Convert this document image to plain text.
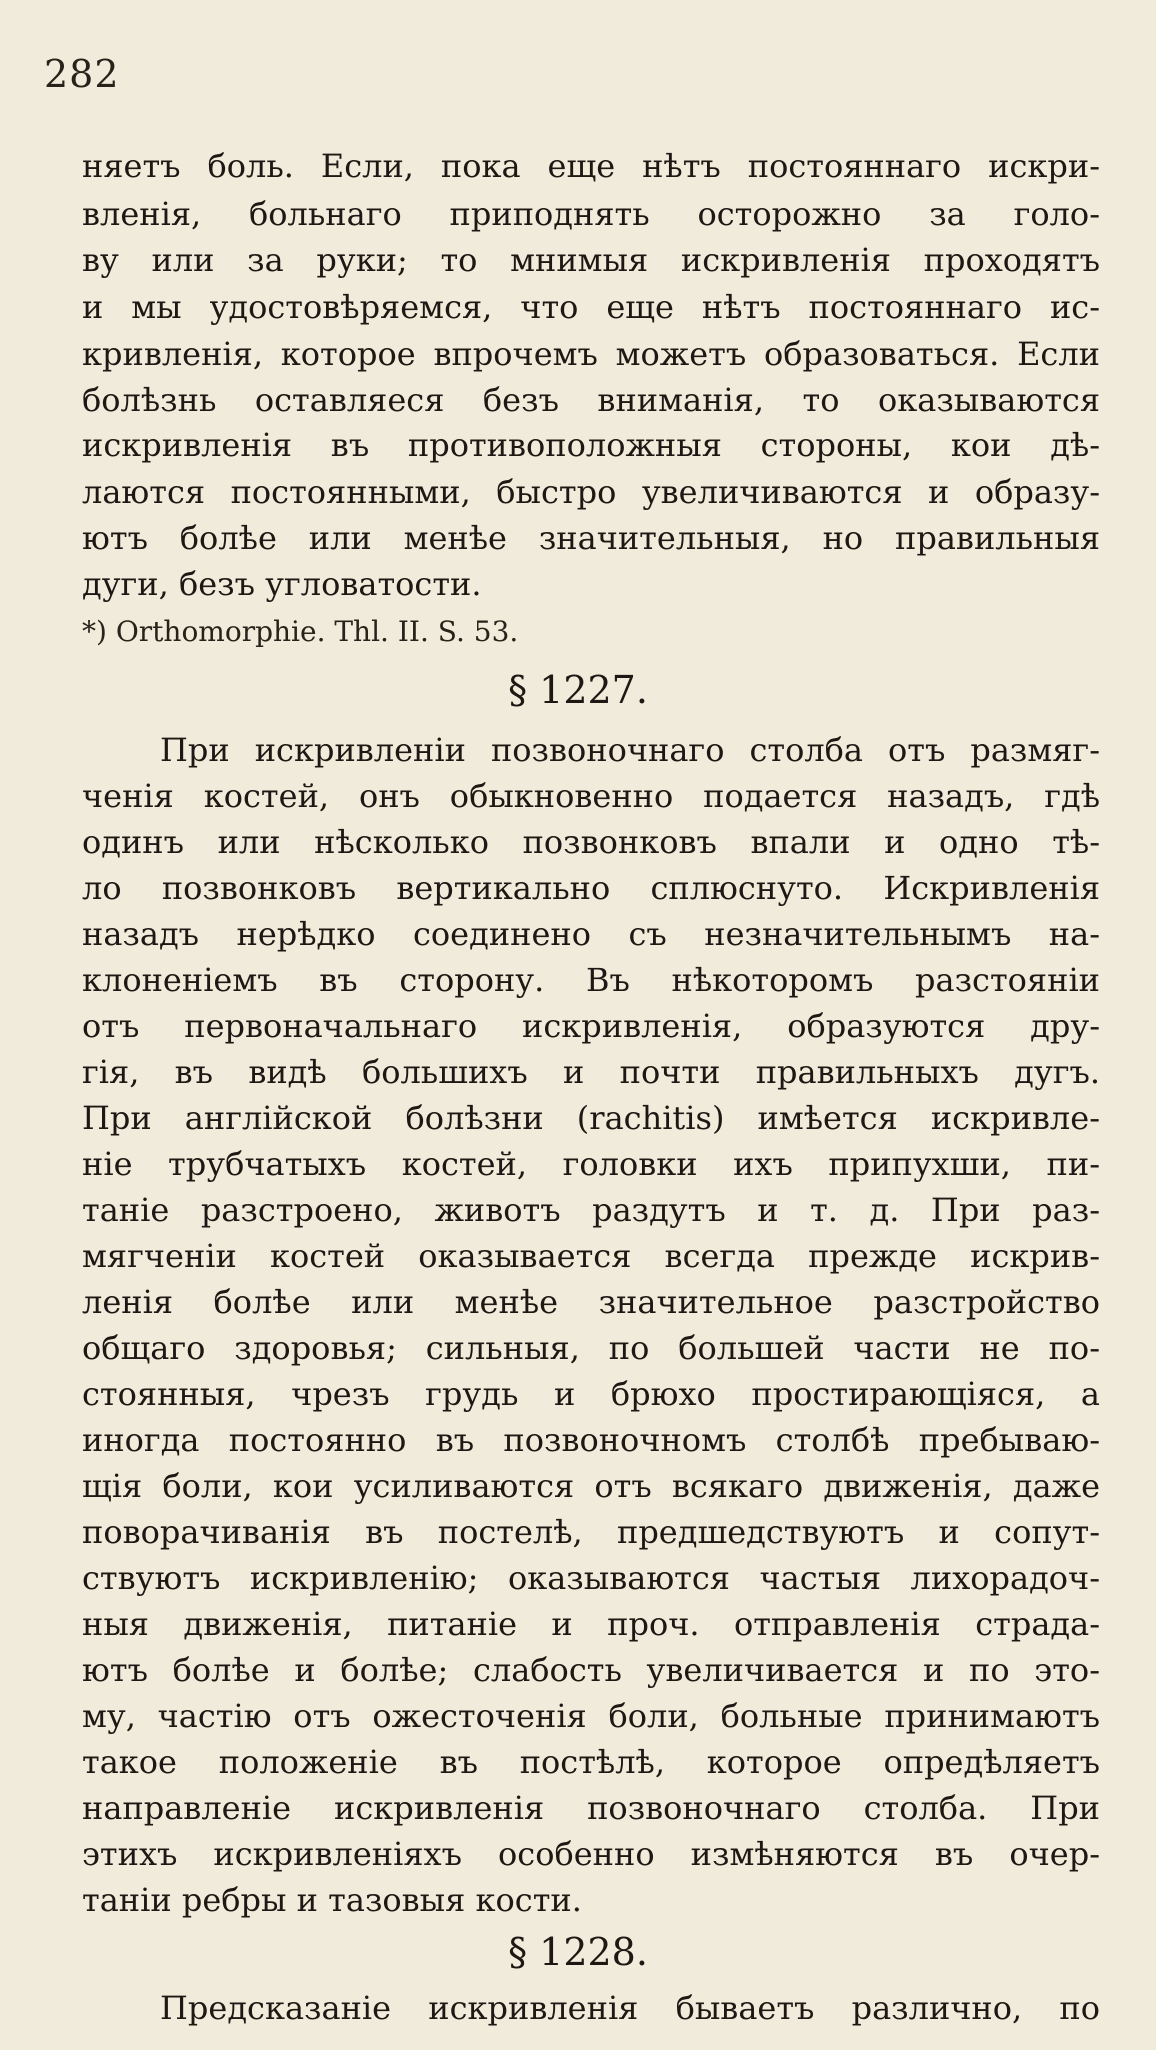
282
няетъ боль. Если, пока еще нѣтъ постояннаго искри-
вленія, больнаго приподнять осторожно за голо-
ву или за руки; то мнимыя искривленія проходятъ
и мы удостовѣряемся, что еще нѣтъ постояннаго ис-
кривленія, которое впрочемъ можетъ образоваться. Если
болѣзнь оставляеся безъ вниманія, то оказываются
искривленія въ противоположныя стороны, кои дѣ-
лаются постоянными, быстро увеличиваются и образу-
ютъ болѣе или менѣе значительныя, но правильныя
дуги, безъ угловатости.
*) Orthomorphie. Thl. II. S. 53.
§ 1227.
При искривленіи позвоночнаго столба отъ размяг-
ченія костей, онъ обыкновенно подается назадъ, гдѣ
одинъ или нѣсколько позвонковъ впали и одно тѣ-
ло позвонковъ вертикально сплюснуто. Искривленія
назадъ нерѣдко соединено съ незначительнымъ на-
клоненіемъ въ сторону. Въ нѣкоторомъ разстояніи
отъ первоначальнаго искривленія, образуются дру-
гія, въ видѣ большихъ и почти правильныхъ дугъ.
При англійской болѣзни (rachitis) имѣется искривле-
ніе трубчатыхъ костей, головки ихъ припухши, пи-
таніе разстроено, животъ раздутъ и т. д. При раз-
мягченіи костей оказывается всегда прежде искрив-
ленія болѣе или менѣе значительное разстройство
общаго здоровья; сильныя, по большей части не по-
стоянныя, чрезъ грудь и брюхо простирающіяся, а
иногда постоянно въ позвоночномъ столбѣ пребываю-
щія боли, кои усиливаются отъ всякаго движенія, даже
поворачиванія въ постелѣ, предшедствуютъ и сопут-
ствуютъ искривленію; оказываются частыя лихорадоч-
ныя движенія, питаніе и проч. отправленія страда-
ютъ болѣе и болѣе; слабость увеличивается и по это-
му, частію отъ ожесточенія боли, больные принимаютъ
такое положеніе въ постѣлѣ, которое опредѣляетъ
направленіе искривленія позвоночнаго столба. При
этихъ искривленіяхъ особенно измѣняются въ очер-
таніи ребры и тазовыя кости.
§ 1228.
Предсказаніе искривленія бываетъ различно, по
